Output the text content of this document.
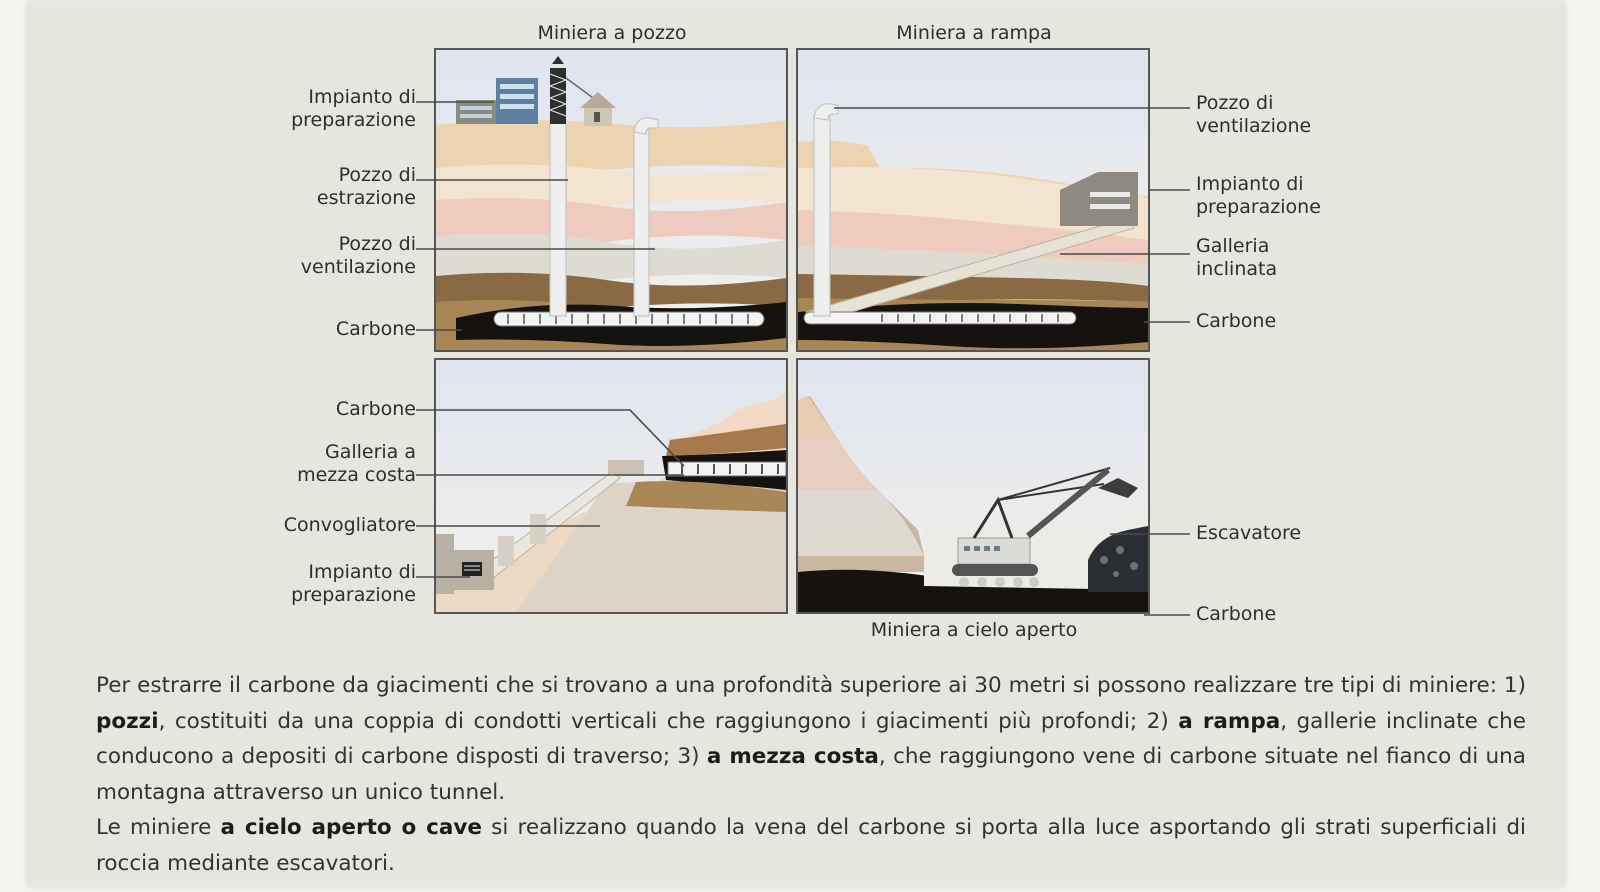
Miniera a pozzo	Miniera a rampa
Miniera a cielo aperto
Impianto di
preparazione
Pozzo di
estrazione
Pozzo di
ventilazione
Carbone
Pozzo di
ventilazione
Impianto di
preparazione
Galleria
inclinata
Carbone
Carbone
Galleria a
mezza costa
Convogliatore
Impianto di
preparazione
Escavatore
Carbone

Per estrarre il carbone da giacimenti che si trovano a una profondità superiore ai 30 metri si possono realizzare tre tipi di miniere: 1) pozzi, costituiti da una coppia di condotti verticali che raggiungono i giacimenti più profondi; 2) a rampa, gallerie inclinate che conducono a depositi di carbone disposti di traverso; 3) a mezza costa, che raggiungono vene di carbone situate nel fianco di una montagna attraverso un unico tunnel.

Le miniere a cielo aperto o cave si realizzano quando la vena del carbone si porta alla luce asportando gli strati superficiali di roccia mediante escavatori.
